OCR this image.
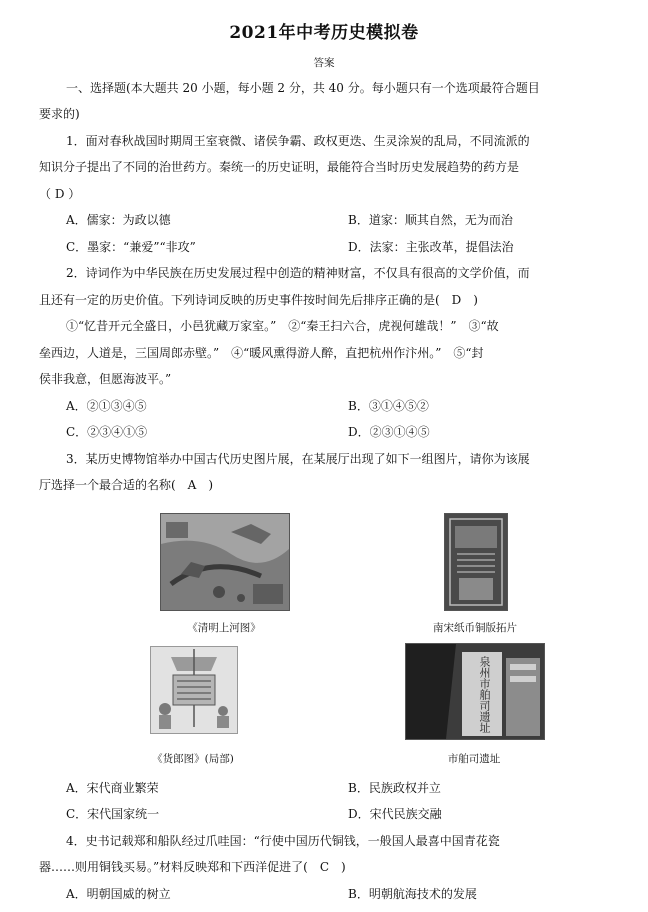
2021年中考历史模拟卷
答案
一、选择题(本大题共 20 小题，每小题 2 分，共 40 分。每小题只有一个选项最符合题目
要求的)
1．面对春秋战国时期周王室衰微、诸侯争霸、政权更迭、生灵涂炭的乱局，不同流派的
知识分子提出了不同的治世药方。秦统一的历史证明，最能符合当时历史发展趋势的药方是
（ D ）
A．儒家：为政以德	B．道家：顺其自然，无为而治
C．墨家：“兼爱”“非攻”	D．法家：主张改革，提倡法治
2．诗词作为中华民族在历史发展过程中创造的精神财富，不仅具有很高的文学价值，而
且还有一定的历史价值。下列诗词反映的历史事件按时间先后排序正确的是(　D　)
①“忆昔开元全盛日，小邑犹藏万家室。”　②“秦王扫六合，虎视何雄哉！”　③“故
垒西边，人道是，三国周郎赤壁。”　④“暖风熏得游人醉，直把杭州作汴州。”　⑤“封
侯非我意，但愿海波平。”
A．②①③④⑤	B．③①④⑤②
C．②③④①⑤	D．②③①④⑤
3．某历史博物馆举办中国古代历史图片展，在某展厅出现了如下一组图片，请你为该展
厅选择一个最合适的名称(　A　)
《清明上河图》	南宋纸币铜版拓片
《货郎图》(局部)
泉州市舶司遗址
市舶司遗址
A．宋代商业繁荣	B．民族政权并立
C．宋代国家统一	D．宋代民族交融
4．史书记载郑和船队经过爪哇国：“行使中国历代铜钱，一般国人最喜中国青花瓷
器……则用铜钱买易。”材料反映郑和下西洋促进了(　C　)
A．明朝国威的树立	B．明朝航海技术的发展
